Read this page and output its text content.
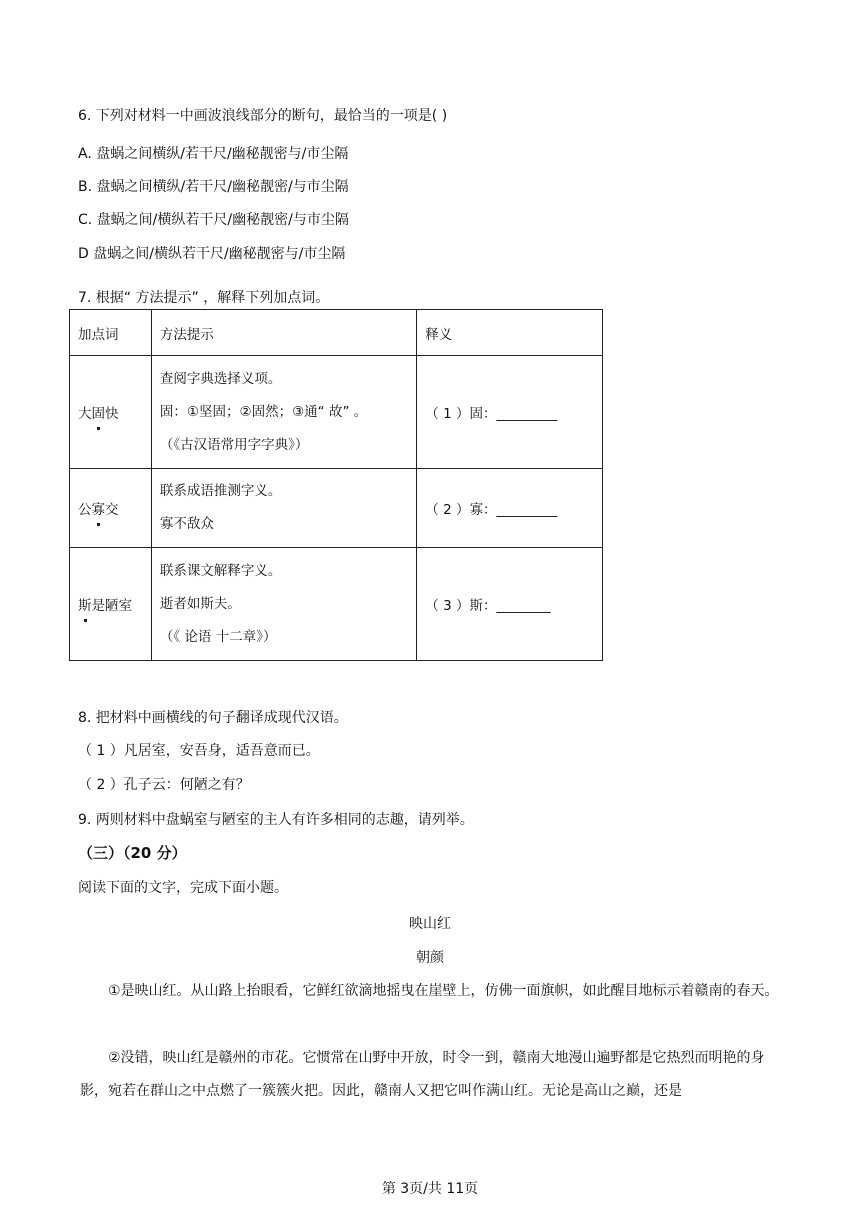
6. 下列对材料一中画波浪线部分的断句，最恰当的一项是( )
A. 盘蜗之间横纵/若干尺/幽秘靓密与/市尘隔
B. 盘蜗之间横纵/若干尺/幽秘靓密/与市尘隔
C. 盘蜗之间/横纵若干尺/幽秘靓密/与市尘隔
D 盘蜗之间/横纵若干尺/幽秘靓密与/市尘隔
7. 根据“ 方法提示” ，解释下列加点词。
加点词	方法提示	释义
大固快	查阅字典选择义项。

固：①坚固；②固然；③通“ 故” 。

（《古汉语常用字字典》）	（ 1 ）固：_________
公寡交	联系成语推测字义。

寡不敌众	（ 2 ）寡：_________
斯是陋室	联系课文解释字义。

逝者如斯夫。

（《 论语 十二章》）	（ 3 ）斯：________
8. 把材料中画横线的句子翻译成现代汉语。
（ 1 ）凡居室，安吾身，适吾意而已。
（ 2 ）孔子云：何陋之有？
9. 两则材料中盘蜗室与陋室的主人有许多相同的志趣，请列举。
（三）（20 分）
阅读下面的文字，完成下面小题。
映山红
朝颜
①是映山红。从山路上抬眼看，它鲜红欲滴地摇曳在崖壁上，仿佛一面旗帜，如此醒目地标示着赣南的春天。
②没错，映山红是赣州的市花。它惯常在山野中开放，时令一到，赣南大地漫山遍野都是它热烈而明艳的身影，宛若在群山之中点燃了一簇簇火把。因此，赣南人又把它叫作满山红。无论是高山之巅，还是
第 3页/共 11页
